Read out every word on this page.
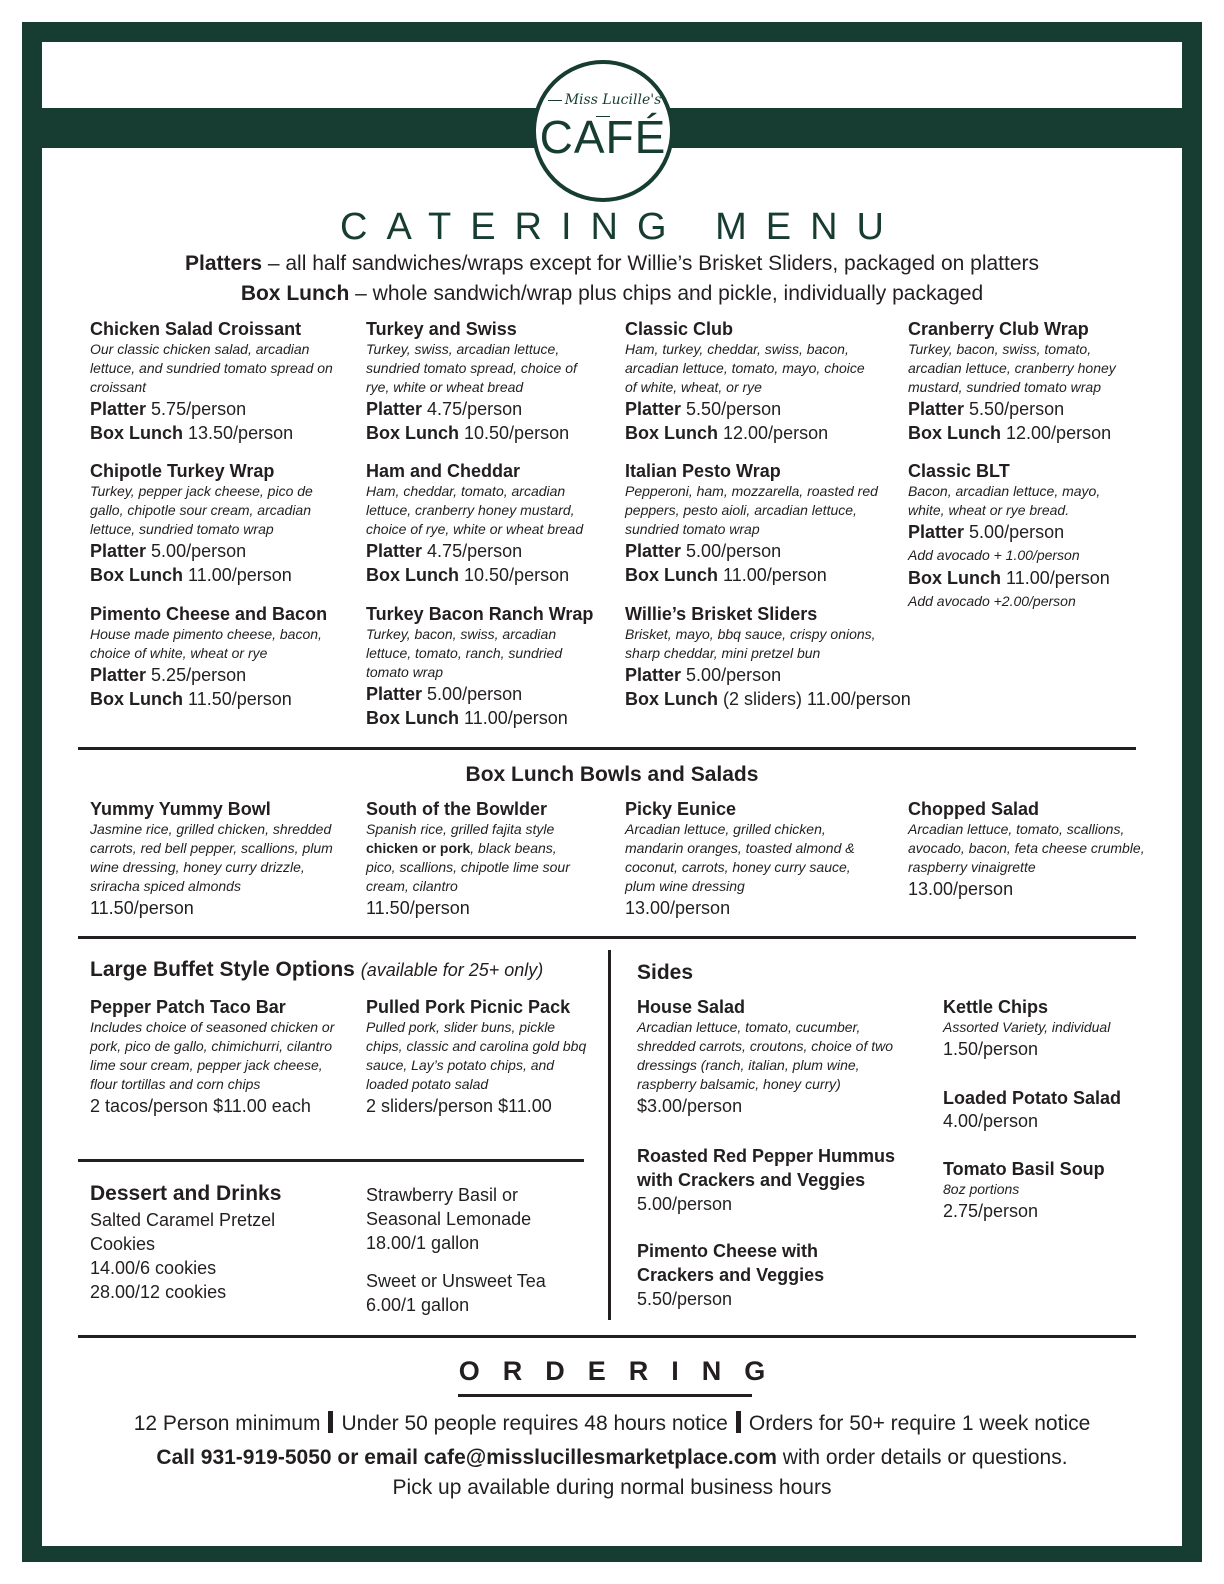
Miss Lucille's
CAFÉ
CATERING MENU
Platters – all half sandwiches/wraps except for Willie’s Brisket Sliders, packaged on platters
Box Lunch – whole sandwich/wrap plus chips and pickle, individually packaged
Chicken Salad Croissant
Our classic chicken salad, arcadian lettuce, and sundried tomato spread on croissant
Platter 5.75/person
Box Lunch 13.50/person
Chipotle Turkey Wrap
Turkey, pepper jack cheese, pico de gallo, chipotle sour cream, arcadian lettuce, sundried tomato wrap
Platter 5.00/person
Box Lunch 11.00/person
Pimento Cheese and Bacon
House made pimento cheese, bacon, choice of white, wheat or rye
Platter 5.25/person
Box Lunch 11.50/person
Turkey and Swiss
Turkey, swiss, arcadian lettuce, sundried tomato spread, choice of rye, white or wheat bread
Platter 4.75/person
Box Lunch 10.50/person
Ham and Cheddar
Ham, cheddar, tomato, arcadian lettuce, cranberry honey mustard, choice of rye, white or wheat bread
Platter 4.75/person
Box Lunch 10.50/person
Turkey Bacon Ranch Wrap
Turkey, bacon, swiss, arcadian lettuce, tomato, ranch, sundried tomato wrap
Platter 5.00/person
Box Lunch 11.00/person
Classic Club
Ham, turkey, cheddar, swiss, bacon, arcadian lettuce, tomato, mayo, choice of white, wheat, or rye
Platter 5.50/person
Box Lunch 12.00/person
Italian Pesto Wrap
Pepperoni, ham, mozzarella, roasted red peppers, pesto aioli, arcadian lettuce, sundried tomato wrap
Platter 5.00/person
Box Lunch 11.00/person
Willie’s Brisket Sliders
Brisket, mayo, bbq sauce, crispy onions, sharp cheddar, mini pretzel bun
Platter 5.00/person
Box Lunch (2 sliders) 11.00/person
Cranberry Club Wrap
Turkey, bacon, swiss, tomato, arcadian lettuce, cranberry honey mustard, sundried tomato wrap
Platter 5.50/person
Box Lunch 12.00/person
Classic BLT
Bacon, arcadian lettuce, mayo, white, wheat or rye bread.
Platter 5.00/person
Add avocado + 1.00/person
Box Lunch 11.00/person
Add avocado +2.00/person
Box Lunch Bowls and Salads
Yummy Yummy Bowl
Jasmine rice, grilled chicken, shredded carrots, red bell pepper, scallions, plum wine dressing, honey curry drizzle, sriracha spiced almonds
11.50/person
South of the Bowlder
Spanish rice, grilled fajita style chicken or pork, black beans, pico, scallions, chipotle lime sour cream, cilantro
11.50/person
Picky Eunice
Arcadian lettuce, grilled chicken, mandarin oranges, toasted almond & coconut, carrots, honey curry sauce, plum wine dressing
13.00/person
Chopped Salad
Arcadian lettuce, tomato, scallions, avocado, bacon, feta cheese crumble, raspberry vinaigrette
13.00/person
Large Buffet Style Options (available for 25+ only)
Pepper Patch Taco Bar
Includes choice of seasoned chicken or pork, pico de gallo, chimichurri, cilantro lime sour cream, pepper jack cheese, flour tortillas and corn chips
2 tacos/person $11.00 each
Pulled Pork Picnic Pack
Pulled pork, slider buns, pickle chips, classic and carolina gold bbq sauce, Lay’s potato chips, and loaded potato salad
2 sliders/person $11.00
Dessert and Drinks
Salted Caramel Pretzel Cookies
14.00/6 cookies
28.00/12 cookies
Strawberry Basil or Seasonal Lemonade
18.00/1 gallon
Sweet or Unsweet Tea
6.00/1 gallon
Sides
House Salad
Arcadian lettuce, tomato, cucumber, shredded carrots, croutons, choice of two dressings (ranch, italian, plum wine, raspberry balsamic, honey curry)
$3.00/person
Roasted Red Pepper Hummus with Crackers and Veggies
5.00/person
Pimento Cheese with Crackers and Veggies
5.50/person
Kettle Chips
Assorted Variety, individual
1.50/person
Loaded Potato Salad
4.00/person
Tomato Basil Soup
8oz portions
2.75/person
ORDERING
12 Person minimum Under 50 people requires 48 hours notice Orders for 50+ require 1 week notice
Call 931-919-5050 or email cafe@misslucillesmarketplace.com with order details or questions.
Pick up available during normal business hours
